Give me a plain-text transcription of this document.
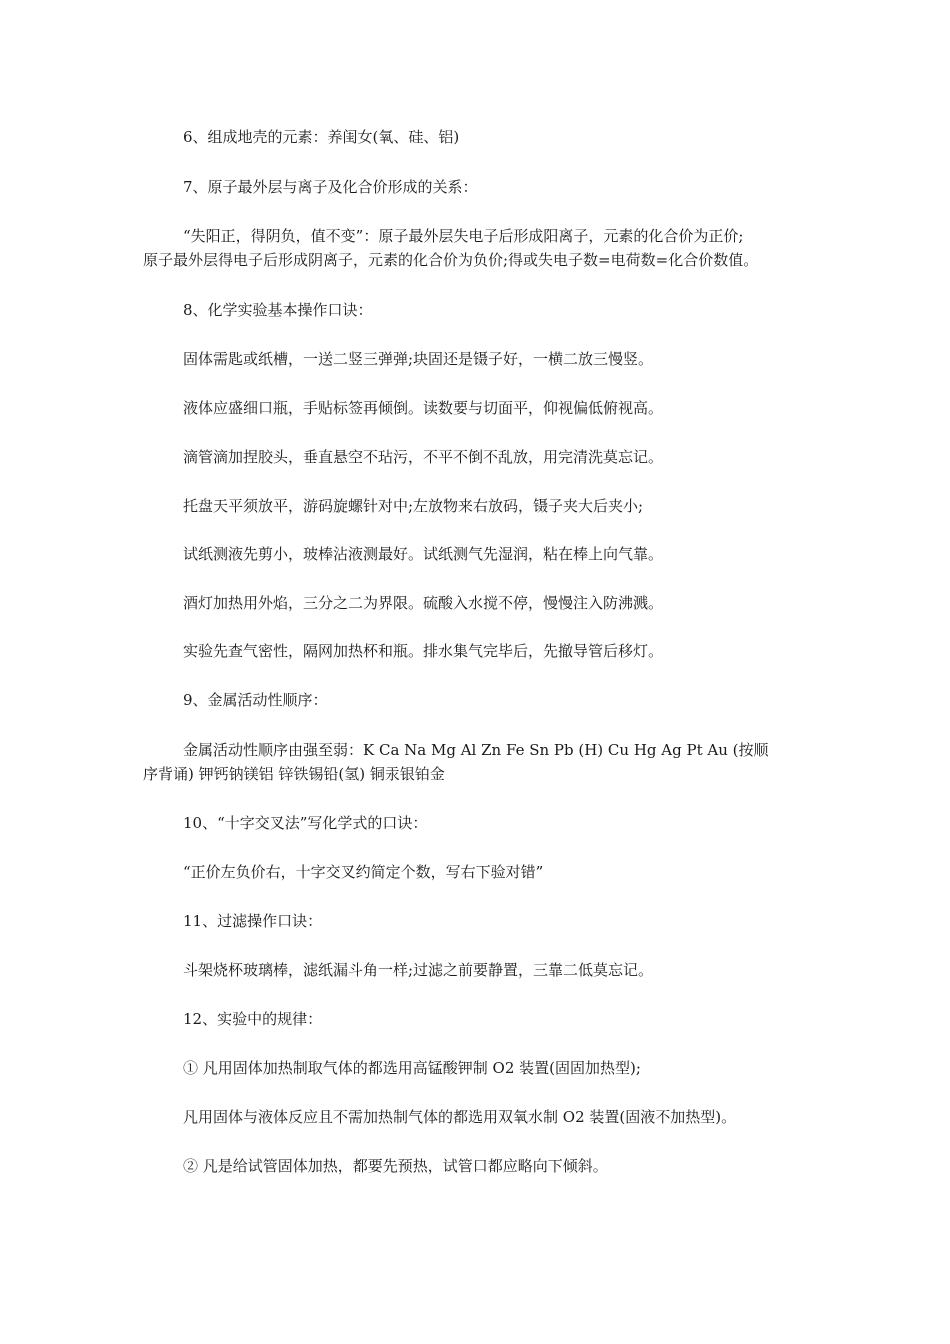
6、组成地壳的元素：养闺女(氧、硅、铝)

7、原子最外层与离子及化合价形成的关系：

“失阳正，得阴负，值不变”：原子最外层失电子后形成阳离子，元素的化合价为正价;

原子最外层得电子后形成阴离子，元素的化合价为负价;得或失电子数=电荷数=化合价数值。

8、化学实验基本操作口诀：

固体需匙或纸槽，一送二竖三弹弹;块固还是镊子好，一横二放三慢竖。

液体应盛细口瓶，手贴标签再倾倒。读数要与切面平，仰视偏低俯视高。

滴管滴加捏胶头，垂直悬空不玷污，不平不倒不乱放，用完清洗莫忘记。

托盘天平须放平，游码旋螺针对中;左放物来右放码，镊子夹大后夹小;

试纸测液先剪小，玻棒沾液测最好。试纸测气先湿润，粘在棒上向气靠。

酒灯加热用外焰，三分之二为界限。硫酸入水搅不停，慢慢注入防沸溅。

实验先查气密性，隔网加热杯和瓶。排水集气完毕后，先撤导管后移灯。

9、金属活动性顺序：

金属活动性顺序由强至弱：K Ca Na Mg Al Zn Fe Sn Pb (H) Cu Hg Ag Pt Au (按顺

序背诵) 钾钙钠镁铝 锌铁锡铅(氢) 铜汞银铂金

10、“十字交叉法”写化学式的口诀：

“正价左负价右，十字交叉约简定个数，写右下验对错”

11、过滤操作口诀：

斗架烧杯玻璃棒，滤纸漏斗角一样;过滤之前要静置，三靠二低莫忘记。

12、实验中的规律：

① 凡用固体加热制取气体的都选用高锰酸钾制 O2 装置(固固加热型);

凡用固体与液体反应且不需加热制气体的都选用双氧水制 O2 装置(固液不加热型)。

② 凡是给试管固体加热，都要先预热，试管口都应略向下倾斜。
